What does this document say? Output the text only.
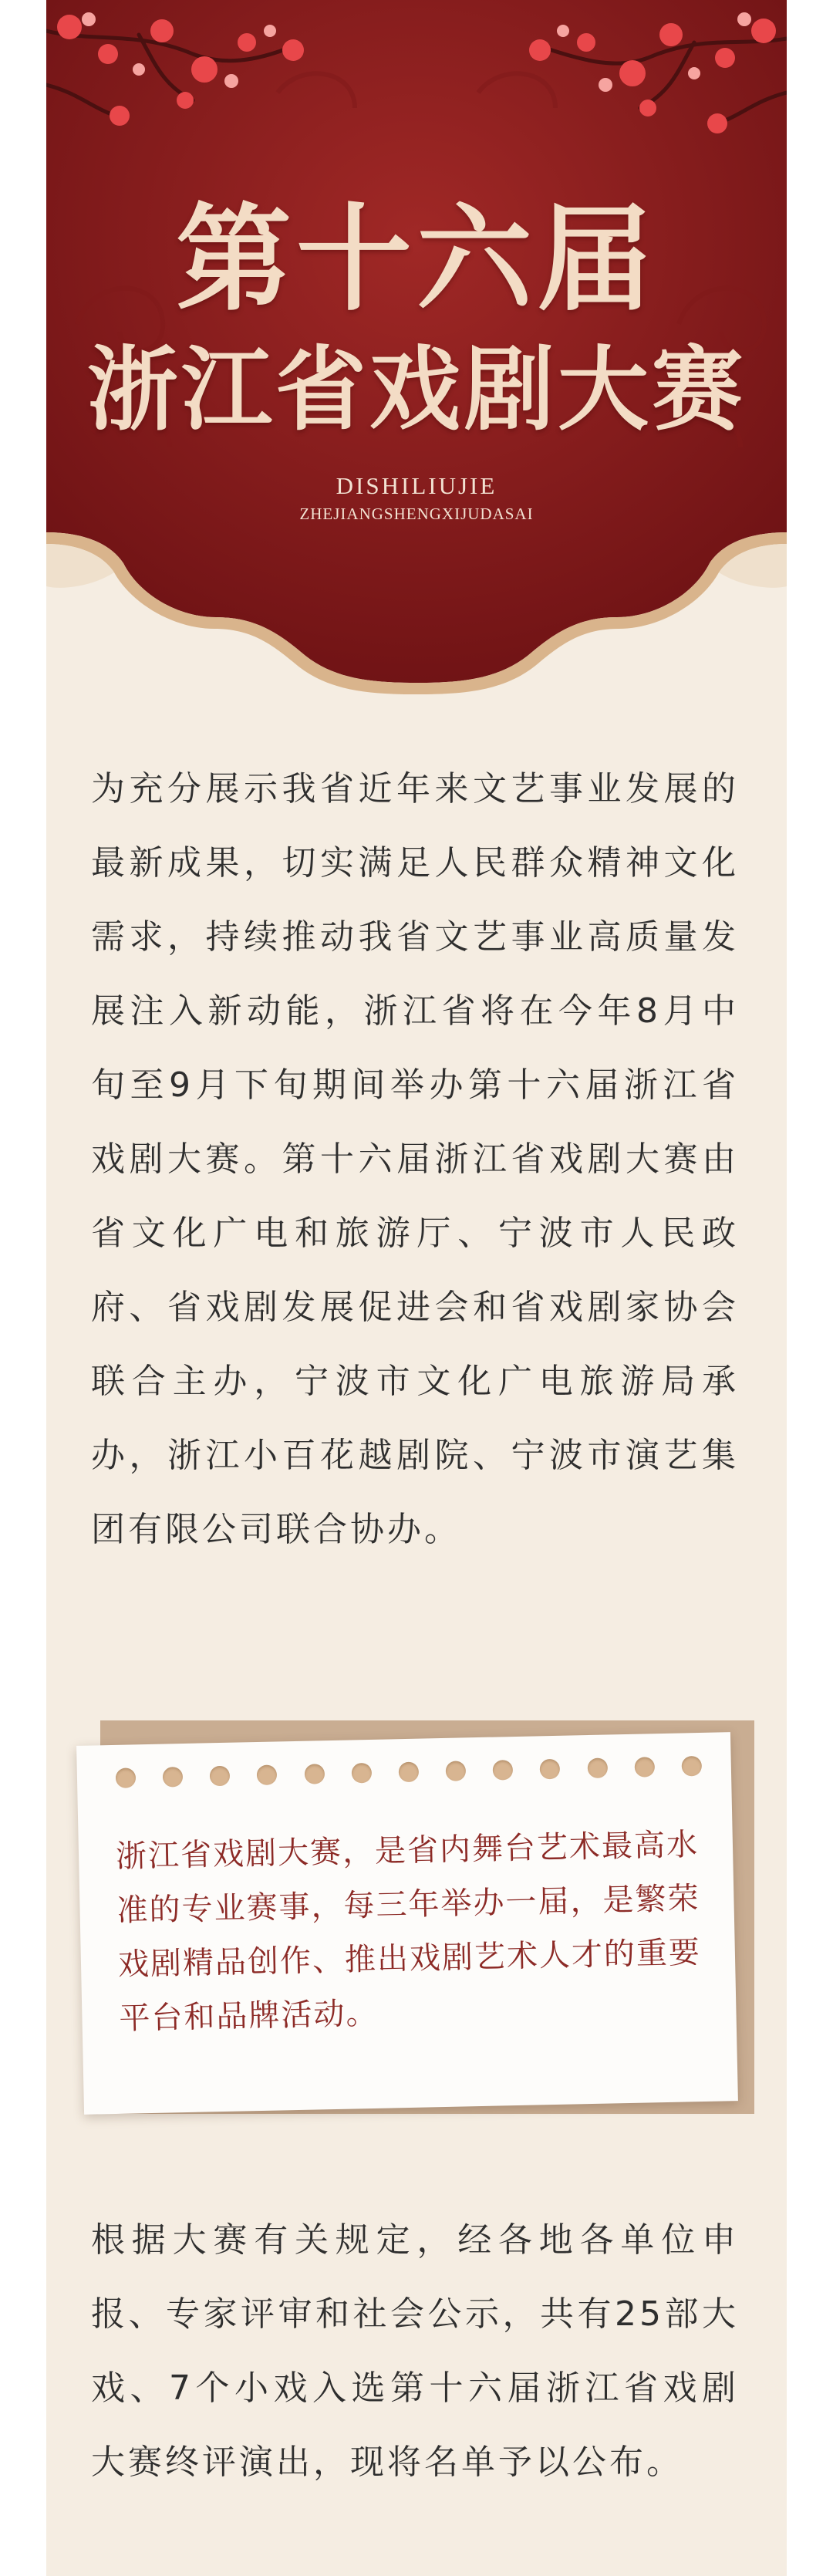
第十六届
浙江省戏剧大赛
DISHILIUJIE
ZHEJIANGSHENGXIJUDASAI

为充分展示我省近年来文艺事业发展的最新成果，切实满足人民群众精神文化需求，持续推动我省文艺事业高质量发展注入新动能，浙江省将在今年8月中旬至9月下旬期间举办第十六届浙江省戏剧大赛。第十六届浙江省戏剧大赛由省文化广电和旅游厅、宁波市人民政府、省戏剧发展促进会和省戏剧家协会联合主办，宁波市文化广电旅游局承办，浙江小百花越剧院、宁波市演艺集团有限公司联合协办。

浙江省戏剧大赛，是省内舞台艺术最高水准的专业赛事，每三年举办一届，是繁荣戏剧精品创作、推出戏剧艺术人才的重要平台和品牌活动。

根据大赛有关规定，经各地各单位申报、专家评审和社会公示，共有25部大戏、7个小戏入选第十六届浙江省戏剧大赛终评演出，现将名单予以公布。
